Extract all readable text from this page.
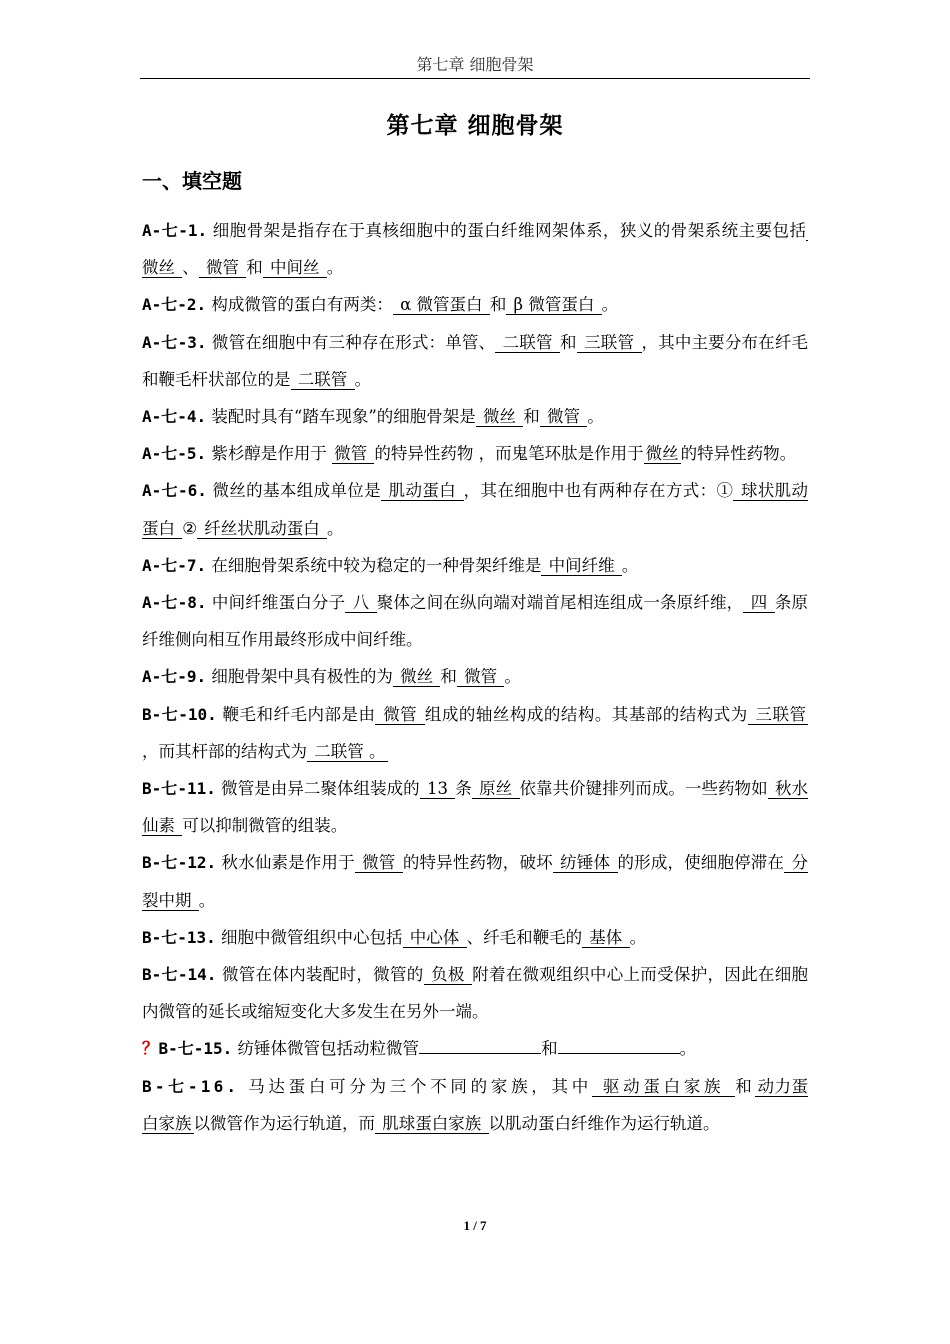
第七章 细胞骨架
第七章 细胞骨架
一、填空题

A-七-1. 细胞骨架是指存在于真核细胞中的蛋白纤维网架体系，狭义的骨架系统主要包括 微丝 、 微管 和 中间丝 。

A-七-2. 构成微管的蛋白有两类： α 微管蛋白 和 β 微管蛋白 。

A-七-3. 微管在细胞中有三种存在形式：单管、 二联管 和 三联管 ，其中主要分布在纤毛和鞭毛杆状部位的是 二联管 。

A-七-4. 装配时具有“踏车现象”的细胞骨架是 微丝 和 微管 。

A-七-5. 紫杉醇是作用于 微管 的特异性药物 ，而鬼笔环肽是作用于 微丝 的特异性药物。

A-七-6. 微丝的基本组成单位是 肌动蛋白 ，其在细胞中也有两种存在方式：① 球状肌动蛋白 ② 纤丝状肌动蛋白 。

A-七-7. 在细胞骨架系统中较为稳定的一种骨架纤维是 中间纤维 。

A-七-8. 中间纤维蛋白分子 八 聚体之间在纵向端对端首尾相连组成一条原纤维， 四 条原纤维侧向相互作用最终形成中间纤维。

A-七-9. 细胞骨架中具有极性的为 微丝 和 微管 。

B-七-10. 鞭毛和纤毛内部是由 微管 组成的轴丝构成的结构。其基部的结构式为 三联管 ，而其杆部的结构式为 二联管 。

B-七-11. 微管是由异二聚体组装成的 13 条 原丝 依靠共价键排列而成。一些药物如 秋水仙素 可以抑制微管的组装。

B-七-12. 秋水仙素是作用于 微管 的特异性药物，破坏 纺锤体 的形成，使细胞停滞在 分裂中期 。

B-七-13. 细胞中微管组织中心包括 中心体 、纤毛和鞭毛的 基体 。

B-七-14. 微管在体内装配时，微管的 负极 附着在微观组织中心上而受保护，因此在细胞内微管的延长或缩短变化大多发生在另外一端。

？B-七-15. 纺锤体微管包括动粒微管	和	。

B-七-16. 马达蛋白可分为三个不同的家族，其中 驱动蛋白家族 和 动力蛋白家族 以微管作为运行轨道，而 肌球蛋白家族 以肌动蛋白纤维作为运行轨道。

1 / 7
